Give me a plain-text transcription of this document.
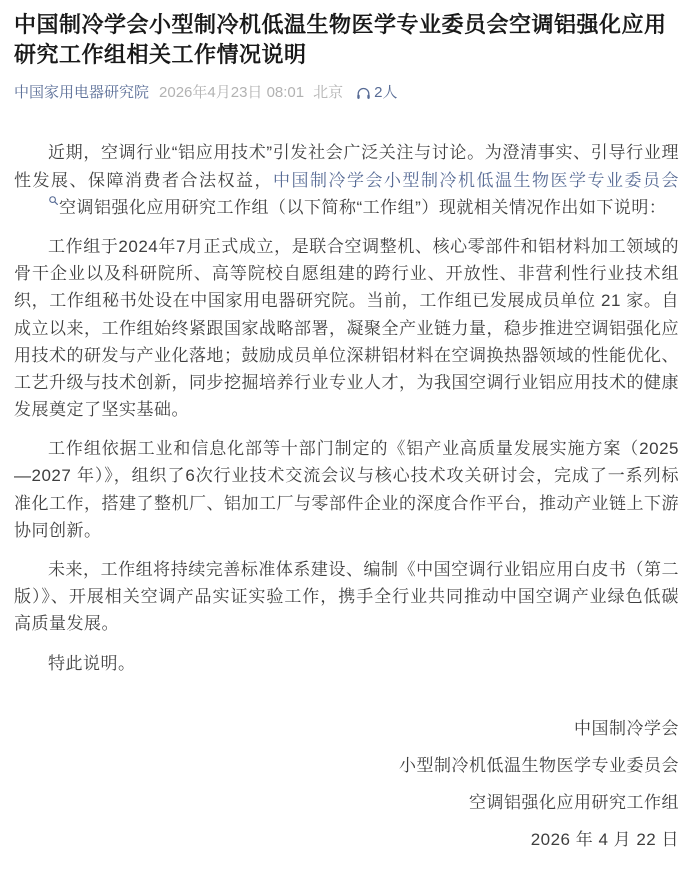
中国制冷学会小型制冷机低温生物医学专业委员会空调铝强化应用研究工作组相关工作情况说明
中国家用电器研究院 2026年4月23日 08:01 北京 2人

近期，空调行业“铝应用技术”引发社会广泛关注与讨论。为澄清事实、引导行业理性发展、保障消费者合法权益，中国制冷学会小型制冷机低温生物医学专业委员会空调铝强化应用研究工作组（以下简称“工作组”）现就相关情况作出如下说明：

工作组于2024年7月正式成立，是联合空调整机、核心零部件和铝材料加工领域的骨干企业以及科研院所、高等院校自愿组建的跨行业、开放性、非营利性行业技术组织，工作组秘书处设在中国家用电器研究院。当前，工作组已发展成员单位 21 家。自成立以来，工作组始终紧跟国家战略部署，凝聚全产业链力量，稳步推进空调铝强化应用技术的研发与产业化落地；鼓励成员单位深耕铝材料在空调换热器领域的性能优化、工艺升级与技术创新，同步挖掘培养行业专业人才，为我国空调行业铝应用技术的健康发展奠定了坚实基础。

工作组依据工业和信息化部等十部门制定的《铝产业高质量发展实施方案（2025—2027 年）》，组织了6次行业技术交流会议与核心技术攻关研讨会，完成了一系列标准化工作，搭建了整机厂、铝加工厂与零部件企业的深度合作平台，推动产业链上下游协同创新。

未来，工作组将持续完善标准体系建设、编制《中国空调行业铝应用白皮书（第二版）》、开展相关空调产品实证实验工作，携手全行业共同推动中国空调产业绿色低碳高质量发展。

特此说明。

中国制冷学会

小型制冷机低温生物医学专业委员会

空调铝强化应用研究工作组

2026 年 4 月 22 日
